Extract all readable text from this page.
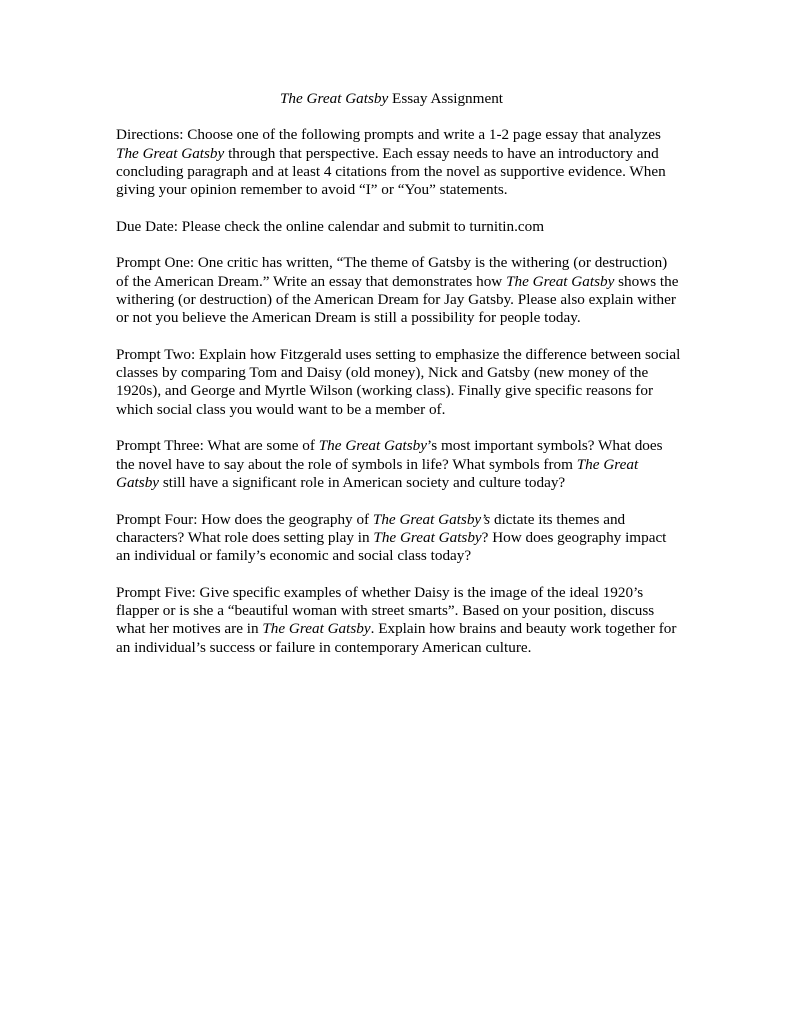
The Great Gatsby Essay Assignment

Directions: Choose one of the following prompts and write a 1-2 page essay that analyzes The Great Gatsby through that perspective. Each essay needs to have an introductory and concluding paragraph and at least 4 citations from the novel as supportive evidence. When giving your opinion remember to avoid “I” or “You” statements.

Due Date: Please check the online calendar and submit to turnitin.com

Prompt One: One critic has written, “The theme of Gatsby is the withering (or destruction) of the American Dream.” Write an essay that demonstrates how The Great Gatsby shows the withering (or destruction) of the American Dream for Jay Gatsby. Please also explain wither or not you believe the American Dream is still a possibility for people today.

Prompt Two: Explain how Fitzgerald uses setting to emphasize the difference between social classes by comparing Tom and Daisy (old money), Nick and Gatsby (new money of the 1920s), and George and Myrtle Wilson (working class). Finally give specific reasons for which social class you would want to be a member of.

Prompt Three: What are some of The Great Gatsby’s most important symbols? What does the novel have to say about the role of symbols in life? What symbols from The Great Gatsby still have a significant role in American society and culture today?

Prompt Four: How does the geography of The Great Gatsby’s dictate its themes and characters? What role does setting play in The Great Gatsby? How does geography impact an individual or family’s economic and social class today?

Prompt Five: Give specific examples of whether Daisy is the image of the ideal 1920’s flapper or is she a “beautiful woman with street smarts”. Based on your position, discuss what her motives are in The Great Gatsby. Explain how brains and beauty work together for an individual’s success or failure in contemporary American culture.
